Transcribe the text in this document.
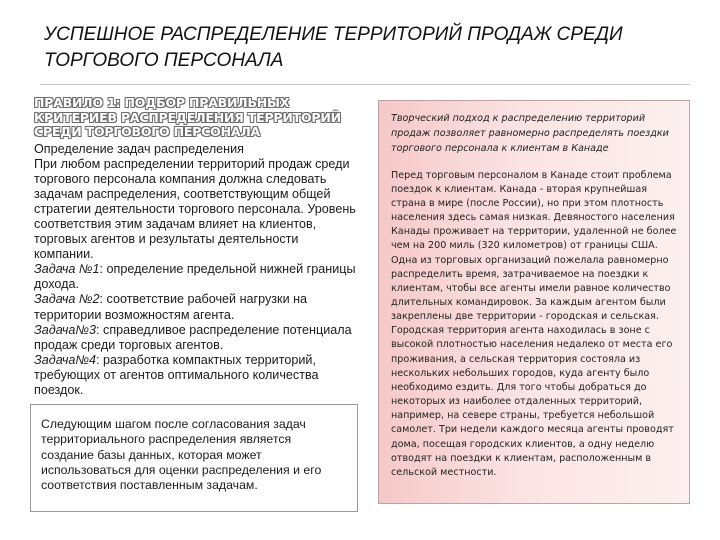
УСПЕШНОЕ РАСПРЕДЕЛЕНИЕ ТЕРРИТОРИЙ ПРОДАЖ СРЕДИ
ТОРГОВОГО ПЕРСОНАЛА
ПРАВИЛО 1: ПОДБОР ПРАВИЛЬНЫХ КРИТЕРИЕВ РАСПРЕДЕЛЕНИЯ ТЕРРИТОРИЙ СРЕДИ ТОРГОВОГО ПЕРСОНАЛА

Определение задач распределения

При любом распределении территорий продаж среди торгового персонала компания должна следовать задачам распределения, соответствующим общей стратегии деятельности торгового персонала. Уровень соответствия этим задачам влияет на клиентов, торговых агентов и результаты деятельности компании.

Задача №1: определение предельной нижней границы дохода.

Задача №2: соответствие рабочей нагрузки на территории возможностям агента.

Задача№3: справедливое распределение потенциала продаж среди торговых агентов.

Задача№4: разработка компактных территорий, требующих от агентов оптимального количества поездок.

Следующим шагом после согласования задач территориального распределения является создание базы данных, которая может использоваться для оценки распределения и его соответствия поставленным задачам.
Творческий подход к распределению территорий продаж позволяет равномерно распределять поездки торгового персонала к клиентам в Канаде
Перед торговым персоналом в Канаде стоит проблема поездок к клиентам. Канада - вторая крупнейшая страна в мире (после России), но при этом плотность населения здесь самая низкая. Девяностого населения Канады проживает на территории, удаленной не более чем на 200 миль (320 километров) от границы США. Одна из торговых организаций пожелала равномерно распределить время, затрачиваемое на поездки к клиентам, чтобы все агенты имели равное количество длительных командировок. За каждым агентом были закреплены две территории - городская и сельская. Городская территория агента находилась в зоне с высокой плотностью населения недалеко от места его проживания, а сельская территория состояла из нескольких небольших городов, куда агенту было необходимо ездить. Для того чтобы добраться до некоторых из наиболее отдаленных территорий, например, на севере страны, требуется небольшой самолет. Три недели каждого месяца агенты проводят дома, посещая городских клиентов, а одну неделю отводят на поездки к клиентам, расположенным в сельской местности.
